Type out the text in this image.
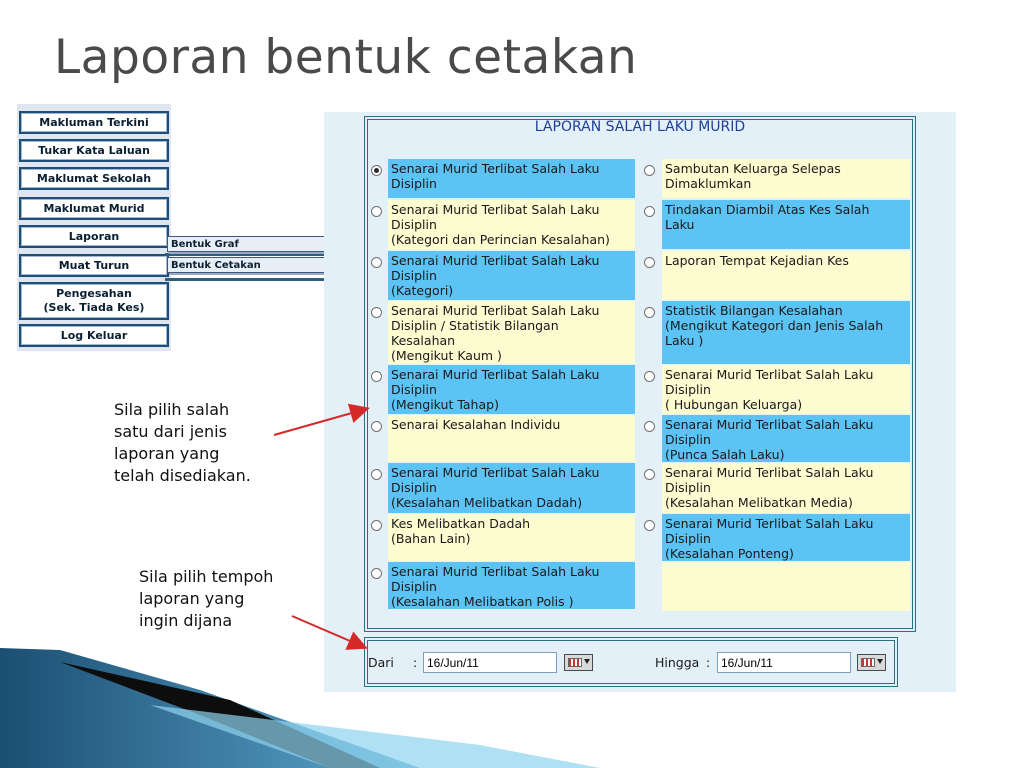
Laporan bentuk cetakan
Makluman Terkini
Tukar Kata Laluan
Maklumat Sekolah
Maklumat Murid
Laporan
Muat Turun
Pengesahan
(Sek. Tiada Kes)
Log Keluar
Bentuk Graf
Bentuk Cetakan
LAPORAN SALAH LAKU MURID
Senarai Murid Terlibat Salah Laku
Disiplin
Sambutan Keluarga Selepas
Dimaklumkan
Senarai Murid Terlibat Salah Laku
Disiplin
(Kategori dan Perincian Kesalahan)
Tindakan Diambil Atas Kes Salah
Laku
Senarai Murid Terlibat Salah Laku
Disiplin
(Kategori)
Laporan Tempat Kejadian Kes
Senarai Murid Terlibat Salah Laku
Disiplin / Statistik Bilangan
Kesalahan
(Mengikut Kaum )
Statistik Bilangan Kesalahan
(Mengikut Kategori dan Jenis Salah
Laku )
Senarai Murid Terlibat Salah Laku
Disiplin
(Mengikut Tahap)
Senarai Murid Terlibat Salah Laku
Disiplin
( Hubungan Keluarga)
Senarai Kesalahan Individu	Senarai Murid Terlibat Salah Laku
Disiplin
(Punca Salah Laku)
Senarai Murid Terlibat Salah Laku
Disiplin
(Kesalahan Melibatkan Dadah)
Senarai Murid Terlibat Salah Laku
Disiplin
(Kesalahan Melibatkan Media)
Kes Melibatkan Dadah
(Bahan Lain)
Senarai Murid Terlibat Salah Laku
Disiplin
(Kesalahan Ponteng)
Senarai Murid Terlibat Salah Laku
Disiplin
(Kesalahan Melibatkan Polis )
Dari : 16/Jun/11	Hingga : 16/Jun/11
Sila pilih salah
satu dari jenis
laporan yang
telah disediakan.
Sila pilih tempoh
laporan yang
ingin dijana
